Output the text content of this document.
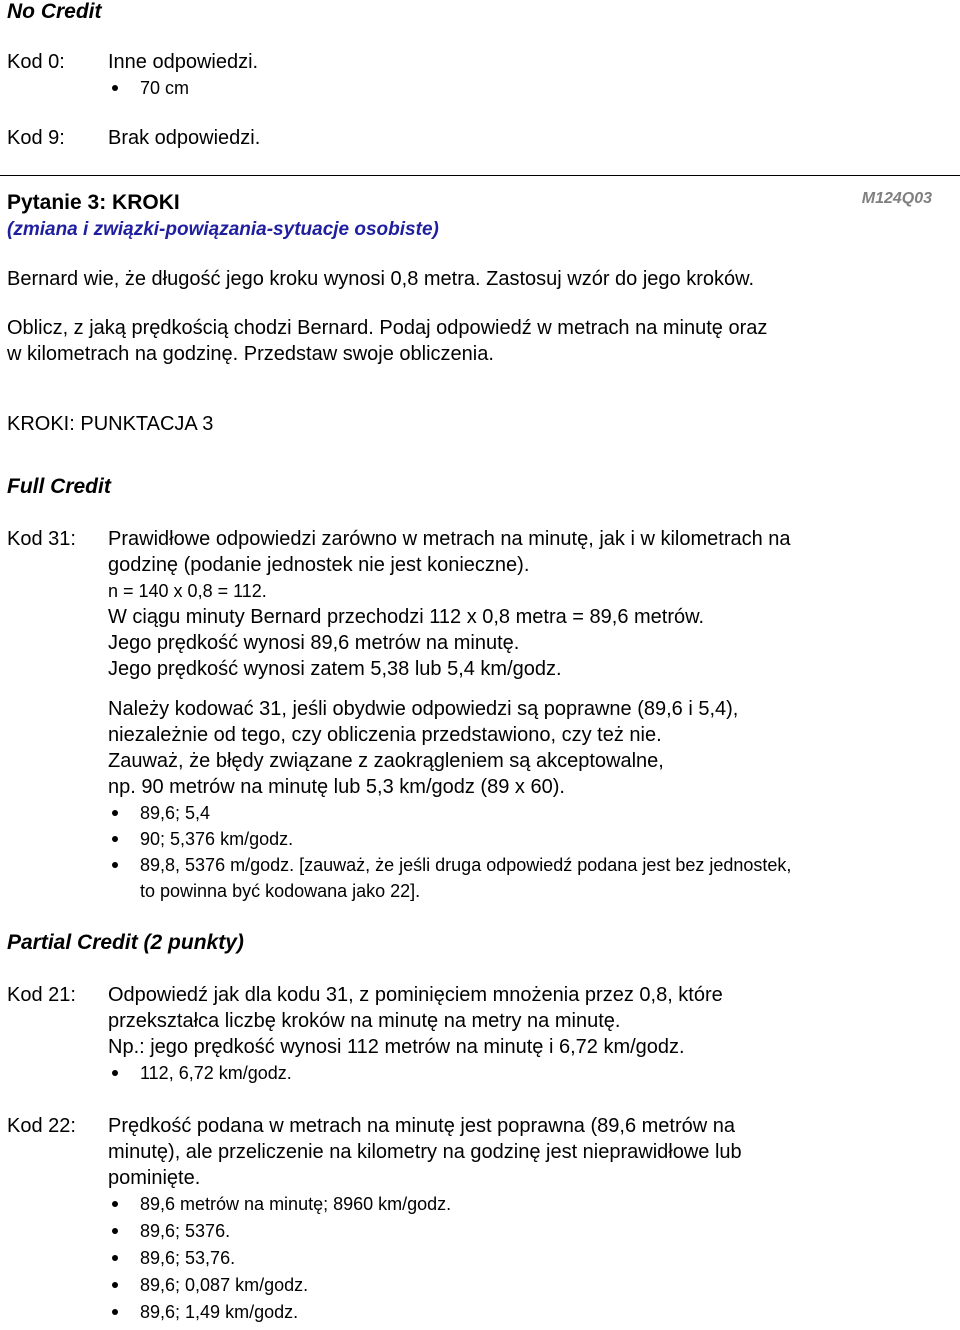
No Credit
Kod 0: Inne odpowiedzi.

70 cm
Kod 9: Brak odpowiedzi.
Pytanie 3: KROKI	M124Q03
(zmiana i związki-powiązania-sytuacje osobiste)
Bernard wie, że długość jego kroku wynosi 0,8 metra. Zastosuj wzór do jego kroków.
Oblicz, z jaką prędkością chodzi Bernard. Podaj odpowiedź w metrach na minutę oraz
w kilometrach na godzinę. Przedstaw swoje obliczenia.
KROKI: PUNKTACJA 3
Full Credit
Kod 31: Prawidłowe odpowiedzi zarówno w metrach na minutę, jak i w kilometrach na
godzinę (podanie jednostek nie jest konieczne).
n = 140 x 0,8 = 112.
W ciągu minuty Bernard przechodzi 112 x 0,8 metra = 89,6 metrów.
Jego prędkość wynosi 89,6 metrów na minutę.
Jego prędkość wynosi zatem 5,38 lub 5,4 km/godz.
Należy kodować 31, jeśli obydwie odpowiedzi są poprawne (89,6 i 5,4),
niezależnie od tego, czy obliczenia przedstawiono, czy też nie.
Zauważ, że błędy związane z zaokrągleniem są akceptowalne,
np. 90 metrów na minutę lub 5,3 km/godz (89 x 60).
89,6; 5,4
90; 5,376 km/godz.
89,8, 5376 m/godz. [zauważ, że jeśli druga odpowiedź podana jest bez jednostek,
to powinna być kodowana jako 22].
Partial Credit (2 punkty)
Kod 21: Odpowiedź jak dla kodu 31, z pominięciem mnożenia przez 0,8, które
przekształca liczbę kroków na minutę na metry na minutę.
Np.: jego prędkość wynosi 112 metrów na minutę i 6,72 km/godz.
112, 6,72 km/godz.
Kod 22: Prędkość podana w metrach na minutę jest poprawna (89,6 metrów na
minutę), ale przeliczenie na kilometry na godzinę jest nieprawidłowe lub
pominięte.
89,6 metrów na minutę; 8960 km/godz.
89,6; 5376.
89,6; 53,76.
89,6; 0,087 km/godz.
89,6; 1,49 km/godz.
